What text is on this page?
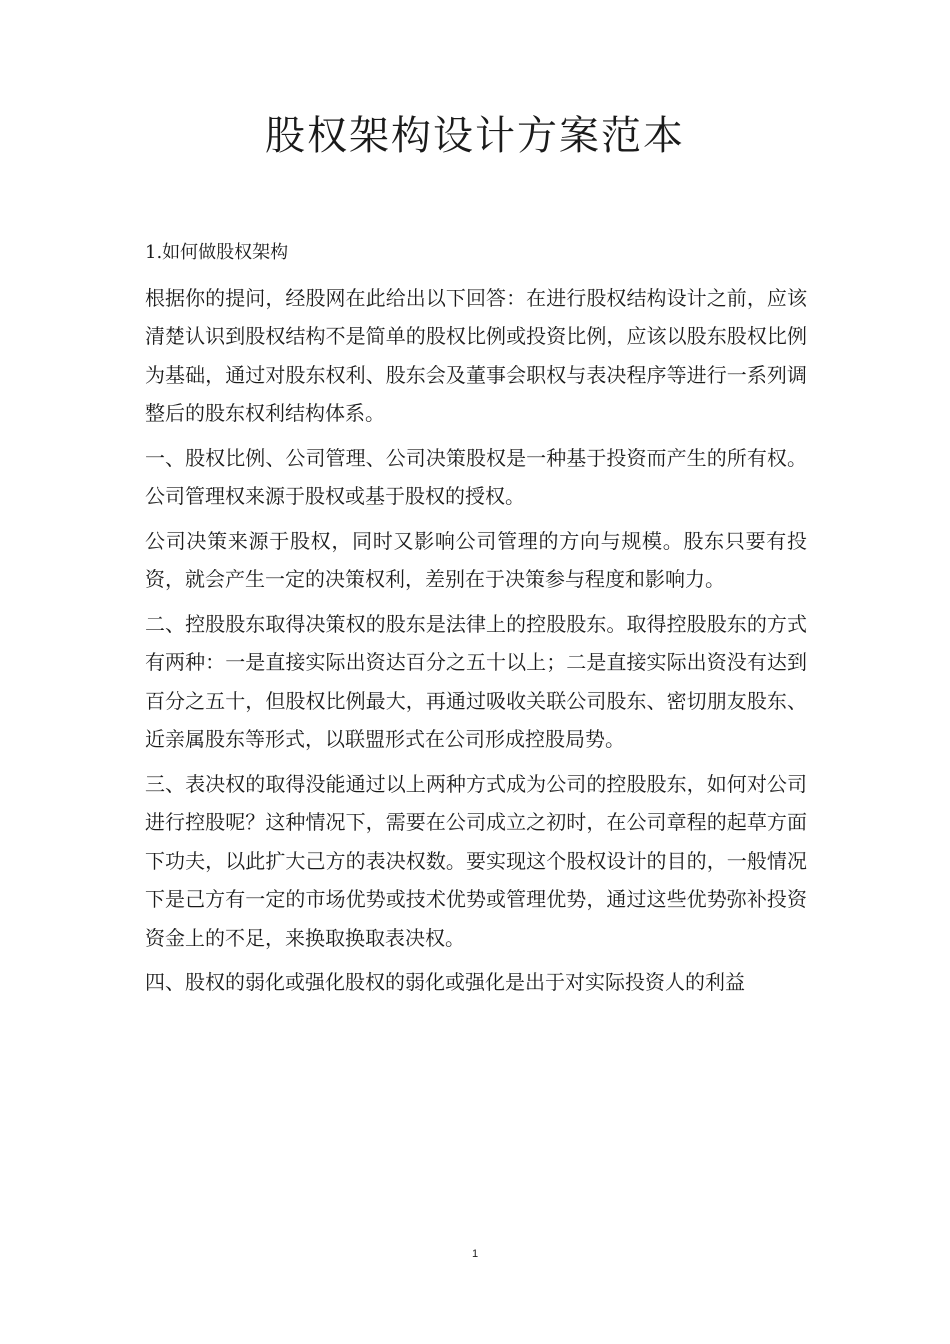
股权架构设计方案范本

1.如何做股权架构

根据你的提问，经股网在此给出以下回答：在进行股权结构设计之前，应该清楚认识到股权结构不是简单的股权比例或投资比例，应该以股东股权比例为基础，通过对股东权利、股东会及董事会职权与表决程序等进行一系列调整后的股东权利结构体系。

一、股权比例、公司管理、公司决策股权是一种基于投资而产生的所有权。公司管理权来源于股权或基于股权的授权。

公司决策来源于股权，同时又影响公司管理的方向与规模。股东只要有投资，就会产生一定的决策权利，差别在于决策参与程度和影响力。

二、控股股东取得决策权的股东是法律上的控股股东。取得控股股东的方式有两种：一是直接实际出资达百分之五十以上；二是直接实际出资没有达到百分之五十，但股权比例最大，再通过吸收关联公司股东、密切朋友股东、近亲属股东等形式，以联盟形式在公司形成控股局势。

三、表决权的取得没能通过以上两种方式成为公司的控股股东，如何对公司进行控股呢？这种情况下，需要在公司成立之初时，在公司章程的起草方面下功夫，以此扩大己方的表决权数。要实现这个股权设计的目的，一般情况下是己方有一定的市场优势或技术优势或管理优势，通过这些优势弥补投资资金上的不足，来换取换取表决权。

四、股权的弱化或强化股权的弱化或强化是出于对实际投资人的利益

1
